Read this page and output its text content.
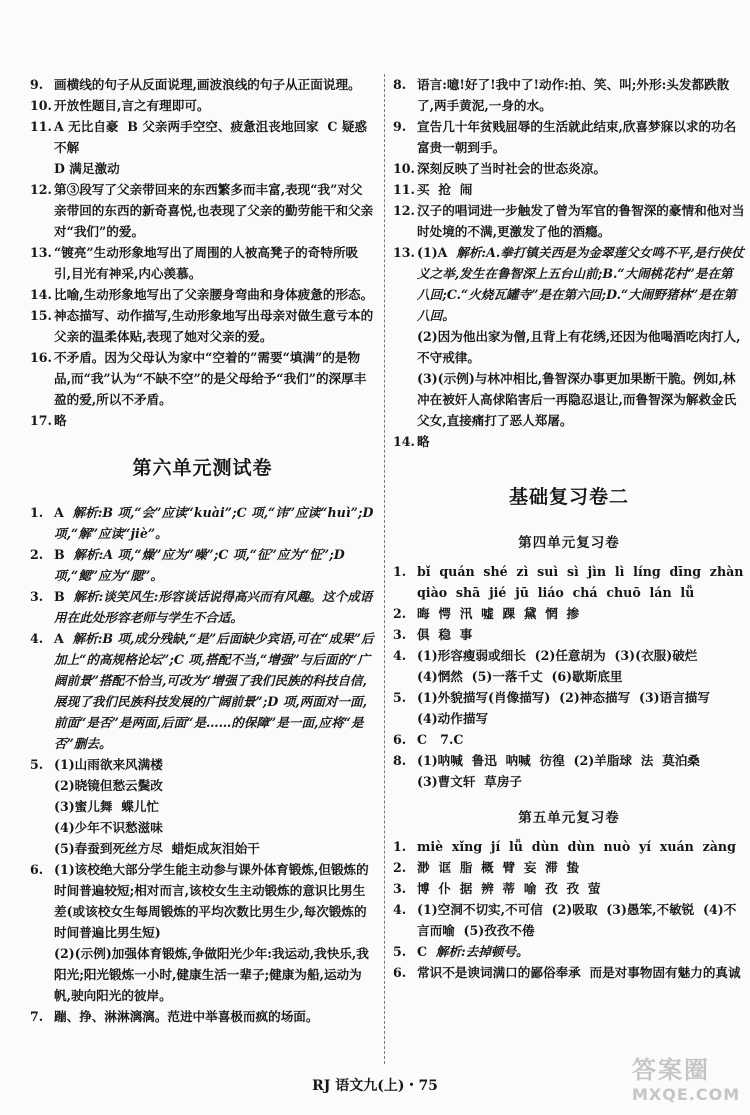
9. 画横线的句子从反面说理,画波浪线的句子从正面说理。
10. 开放性题目,言之有理即可。
11. A 无比自豪  B 父亲两手空空、疲惫沮丧地回家  C 疑惑不解
D 满足激动
12. 第③段写了父亲带回来的东西繁多而丰富,表现“我”对父亲带回的东西的新奇喜悦,也表现了父亲的勤劳能干和父亲对“我们”的爱。
13. “镀亮”生动形象地写出了周围的人被高凳子的奇特所吸引,目光有神采,内心羡慕。
14. 比喻,生动形象地写出了父亲腰身弯曲和身体疲惫的形态。
15. 神态描写、动作描写,生动形象地写出母亲对做生意亏本的父亲的温柔体贴,表现了她对父亲的爱。
16. 不矛盾。因为父母认为家中“空着的”需要“填满”的是物品,而“我”认为“不缺不空”的是父母给予“我们”的深厚丰盈的爱,所以不矛盾。
17. 略
第六单元测试卷
1. A  解析:B 项,“会”应读“kuài”;C 项,“讳”应读“huì”;D 项,“解”应读“jiè”。
2. B  解析:A 项,“燥”应为“噪”;C 项,“征”应为“怔”;D 项,“鳃”应为“腮”。
3. B  解析:谈笑风生:形容谈话说得高兴而有风趣。这个成语用在此处形容老师与学生不合适。
4. A  解析:B 项,成分残缺,“是”后面缺少宾语,可在“成果”后加上“的高规格论坛”;C 项,搭配不当,“增强”与后面的“广阔前景”搭配不恰当,可改为“增强了我们民族的科技自信,展现了我们民族科技发展的广阔前景”;D 项,两面对一面,前面“是否”是两面,后面“是……的保障”是一面,应将“是否”删去。
5. (1)山雨欲来风满楼
(2)晓镜但愁云鬓改
(3)蜜儿舞  蝶儿忙
(4)少年不识愁滋味
(5)春蚕到死丝方尽  蜡炬成灰泪始干
6. (1)该校绝大部分学生能主动参与课外体育锻炼,但锻炼的时间普遍较短;相对而言,该校女生主动锻炼的意识比男生差(或该校女生每周锻炼的平均次数比男生少,每次锻炼的时间普遍比男生短)
(2)(示例)加强体育锻炼,争做阳光少年:我运动,我快乐,我阳光;阳光锻炼一小时,健康生活一辈子;健康为船,运动为帆,驶向阳光的彼岸。
7. 蹦、挣、淋淋漓漓。范进中举喜极而疯的场面。
8. 语言:噫!好了!我中了!动作:拍、笑、叫;外形:头发都跌散了,两手黄泥,一身的水。
9. 宣告几十年贫贱屈辱的生活就此结束,欣喜梦寐以求的功名富贵一朝到手。
10. 深刻反映了当时社会的世态炎凉。
11. 买  抢  闹
12. 汉子的唱词进一步触发了曾为军官的鲁智深的豪情和他对当时处境的不满,更激发了他的酒瘾。
13. (1)A  解析:A.拳打镇关西是为金翠莲父女鸣不平,是行侠仗义之举,发生在鲁智深上五台山前;B.“大闹桃花村”是在第八回;C.“火烧瓦罐寺”是在第六回;D.“大闹野猪林”是在第八回。
(2)因为他出家为僧,且背上有花绣,还因为他喝酒吃肉打人,不守戒律。
(3)(示例)与林冲相比,鲁智深办事更加果断干脆。例如,林冲在被奸人高俅陷害后一再隐忍退让,而鲁智深为解救金氏父女,直接痛打了恶人郑屠。
14. 略
基础复习卷二
第四单元复习卷
1. bǐ  quán  shé  zì  suì  sì  jìn  lì  líng  dīng  zhàn
qiào  shā  jié  jū  liáo  chá  chuō  lán  lǚ
2. 晦  愕  汛  嘘  踝  黛  惘  掺
3. 俱  稳  事
4. (1)形容瘦弱或细长  (2)任意胡为  (3)(衣服)破烂
(4)惘然  (5)一落千丈  (6)歇斯底里
5. (1)外貌描写(肖像描写)  (2)神态描写  (3)语言描写
(4)动作描写
6. C   7.C
8. (1)呐喊  鲁迅  呐喊  彷徨  (2)羊脂球  法  莫泊桑
(3)曹文轩  草房子
第五单元复习卷
1. miè  xǐng  jí  lǚ  dùn  dùn  nuò  yí  xuán  zàng
2. 渺  诓  脂  概  臂  妄  滞  蛰
3. 博  仆  据  辨  蒂  喻  孜  孜  萤
4. (1)空洞不切实,不可信  (2)吸取  (3)愚笨,不敏锐  (4)不言而喻  (5)孜孜不倦
5. C  解析:去掉顿号。
6. 常识不是谀词满口的鄙俗奉承  而是对事物固有魅力的真诚
RJ 语文九(上)・75
答案圈
MXQE.COM
